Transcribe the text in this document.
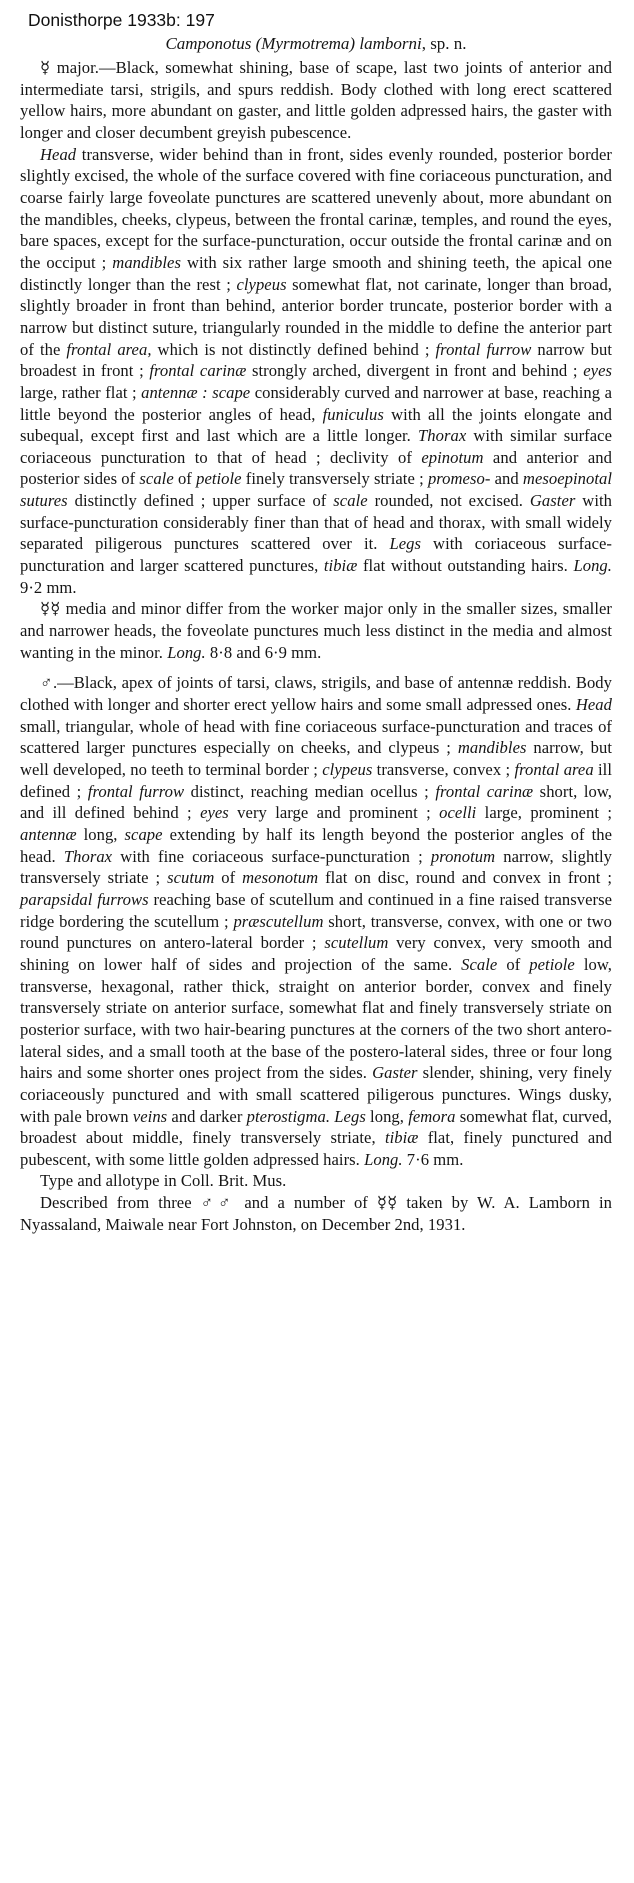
Donisthorpe 1933b: 197
Camponotus (Myrmotrema) lamborni, sp. n.

☿ major.—Black, somewhat shining, base of scape, last two joints of anterior and intermediate tarsi, strigils, and spurs reddish. Body clothed with long erect scattered yellow hairs, more abundant on gaster, and little golden adpressed hairs, the gaster with longer and closer decumbent greyish pubescence.

Head transverse, wider behind than in front, sides evenly rounded, posterior border slightly excised, the whole of the surface covered with fine coriaceous puncturation, and coarse fairly large foveolate punctures are scattered unevenly about, more abundant on the mandibles, cheeks, clypeus, between the frontal carinæ, temples, and round the eyes, bare spaces, except for the surface-puncturation, occur outside the frontal carinæ and on the occiput ; mandibles with six rather large smooth and shining teeth, the apical one distinctly longer than the rest ; clypeus somewhat flat, not carinate, longer than broad, slightly broader in front than behind, anterior border truncate, posterior border with a narrow but distinct suture, triangularly rounded in the middle to define the anterior part of the frontal area, which is not distinctly defined behind ; frontal furrow narrow but broadest in front ; frontal carinæ strongly arched, divergent in front and behind ; eyes large, rather flat ; antennæ : scape considerably curved and narrower at base, reaching a little beyond the posterior angles of head, funiculus with all the joints elongate and subequal, except first and last which are a little longer. Thorax with similar surface coriaceous puncturation to that of head ; declivity of epinotum and anterior and posterior sides of scale of petiole finely transversely striate ; promeso- and mesoepinotal sutures distinctly defined ; upper surface of scale rounded, not excised. Gaster with surface-puncturation considerably finer than that of head and thorax, with small widely separated piligerous punctures scattered over it. Legs with coriaceous surface-puncturation and larger scattered punctures, tibiæ flat without outstanding hairs. Long. 9·2 mm.

☿☿ media and minor differ from the worker major only in the smaller sizes, smaller and narrower heads, the foveolate punctures much less distinct in the media and almost wanting in the minor. Long. 8·8 and 6·9 mm.

♂.—Black, apex of joints of tarsi, claws, strigils, and base of antennæ reddish. Body clothed with longer and shorter erect yellow hairs and some small adpressed ones. Head small, triangular, whole of head with fine coriaceous surface-puncturation and traces of scattered larger punctures especially on cheeks, and clypeus ; mandibles narrow, but well developed, no teeth to terminal border ; clypeus transverse, convex ; frontal area ill defined ; frontal furrow distinct, reaching median ocellus ; frontal carinæ short, low, and ill defined behind ; eyes very large and prominent ; ocelli large, prominent ; antennæ long, scape extending by half its length beyond the posterior angles of the head. Thorax with fine coriaceous surface-puncturation ; pronotum narrow, slightly transversely striate ; scutum of mesonotum flat on disc, round and convex in front ; parapsidal furrows reaching base of scutellum and continued in a fine raised transverse ridge bordering the scutellum ; præscutellum short, transverse, convex, with one or two round punctures on antero-lateral border ; scutellum very convex, very smooth and shining on lower half of sides and projection of the same. Scale of petiole low, transverse, hexagonal, rather thick, straight on anterior border, convex and finely transversely striate on anterior surface, somewhat flat and finely transversely striate on posterior surface, with two hair-bearing punctures at the corners of the two short antero-lateral sides, and a small tooth at the base of the postero-lateral sides, three or four long hairs and some shorter ones project from the sides. Gaster slender, shining, very finely coriaceously punctured and with small scattered piligerous punctures. Wings dusky, with pale brown veins and darker pterostigma. Legs long, femora somewhat flat, curved, broadest about middle, finely transversely striate, tibiæ flat, finely punctured and pubescent, with some little golden adpressed hairs. Long. 7·6 mm.

Type and allotype in Coll. Brit. Mus.

Described from three ♂♂ and a number of ☿☿ taken by W. A. Lamborn in Nyassaland, Maiwale near Fort Johnston, on December 2nd, 1931.
